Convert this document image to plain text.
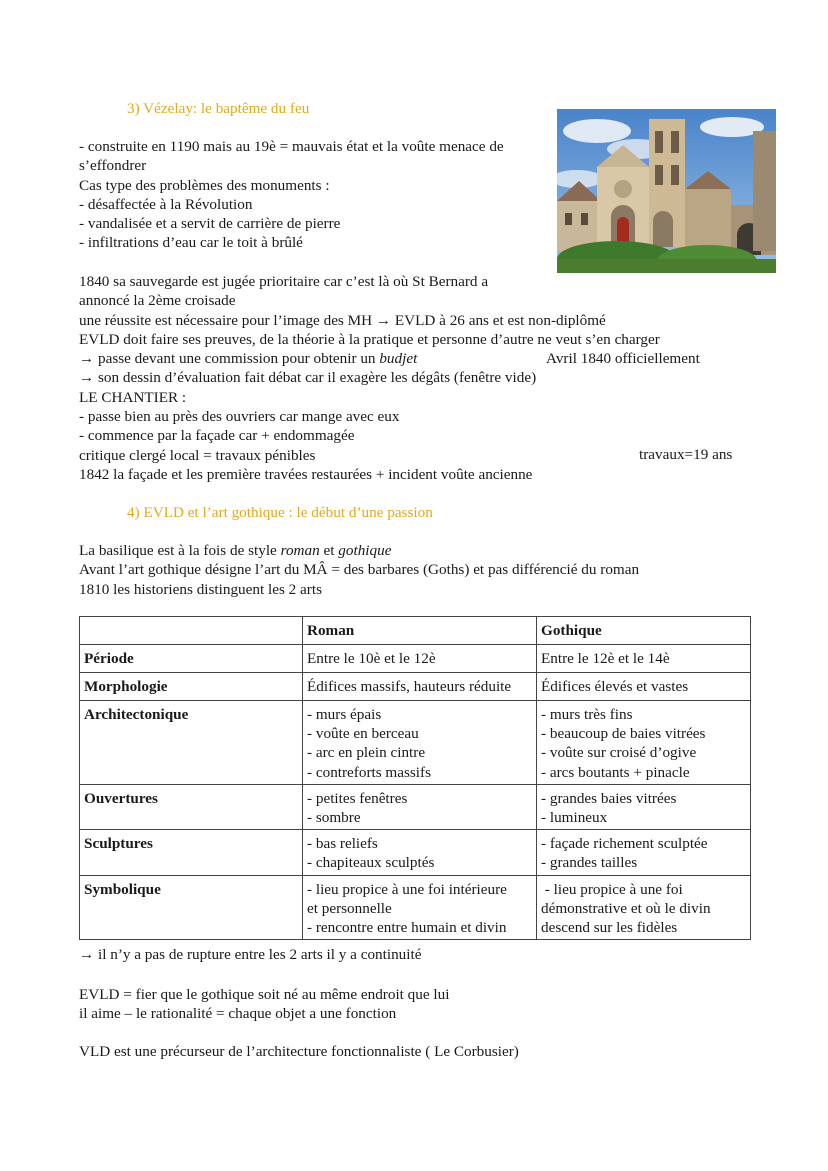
3) Vézelay: le baptême du feu
- construite en 1190 mais au 19è = mauvais état et la voûte menace de
s’effondrer
Cas type des problèmes des monuments :
- désaffectée à la Révolution
- vandalisée et a servit de carrière de pierre
- infiltrations d’eau car le toit à brûlé
1840 sa sauvegarde est jugée prioritaire car c’est là où St Bernard a
annoncé la 2ème croisade
une réussite est nécessaire pour l’image des MH → EVLD à 26 ans et est non-diplômé
EVLD doit faire ses preuves, de la théorie à la pratique et personne d’autre ne veut s’en charger
→ passe devant une commission pour obtenir un budjet
→ son dessin d’évaluation fait débat car il exagère les dégâts (fenêtre vide)
LE CHANTIER :
- passe bien au près des ouvriers car mange avec eux
- commence par la façade car + endommagée
critique clergé local = travaux pénibles
1842 la façade et les première travées restaurées + incident voûte ancienne
Avril 1840 officiellement
travaux=19 ans
4) EVLD et l’art gothique : le début d’une passion
La basilique est à la fois de style roman et gothique
Avant l’art gothique désigne l’art du MÂ = des barbares (Goths) et pas différencié du roman
1810 les historiens distinguent les 2 arts
	Roman	Gothique
Période	Entre le 10è et le 12è	Entre le 12è et le 14è

Morphologie	Édifices massifs, hauteurs réduite	Édifices élevés et vastes

Architectonique	- murs épais
- voûte en berceau
- arc en plein cintre
- contreforts massifs	- murs très fins
- beaucoup de baies vitrées
- voûte sur croisé d’ogive
- arcs boutants + pinacle

Ouvertures	- petites fenêtres
- sombre	- grandes baies vitrées
- lumineux

Sculptures	- bas reliefs
- chapiteaux sculptés	- façade richement sculptée
- grandes tailles

Symbolique	- lieu propice à une foi intérieure
et personnelle
- rencontre entre humain et divin	- lieu propice à une foi
démonstrative et où le divin
descend sur les fidèles
→ il n’y a pas de rupture entre les 2 arts il y a continuité
EVLD = fier que le gothique soit né au même endroit que lui
il aime – le rationalité = chaque objet a une fonction
VLD est une précurseur de l’architecture fonctionnaliste ( Le Corbusier)
